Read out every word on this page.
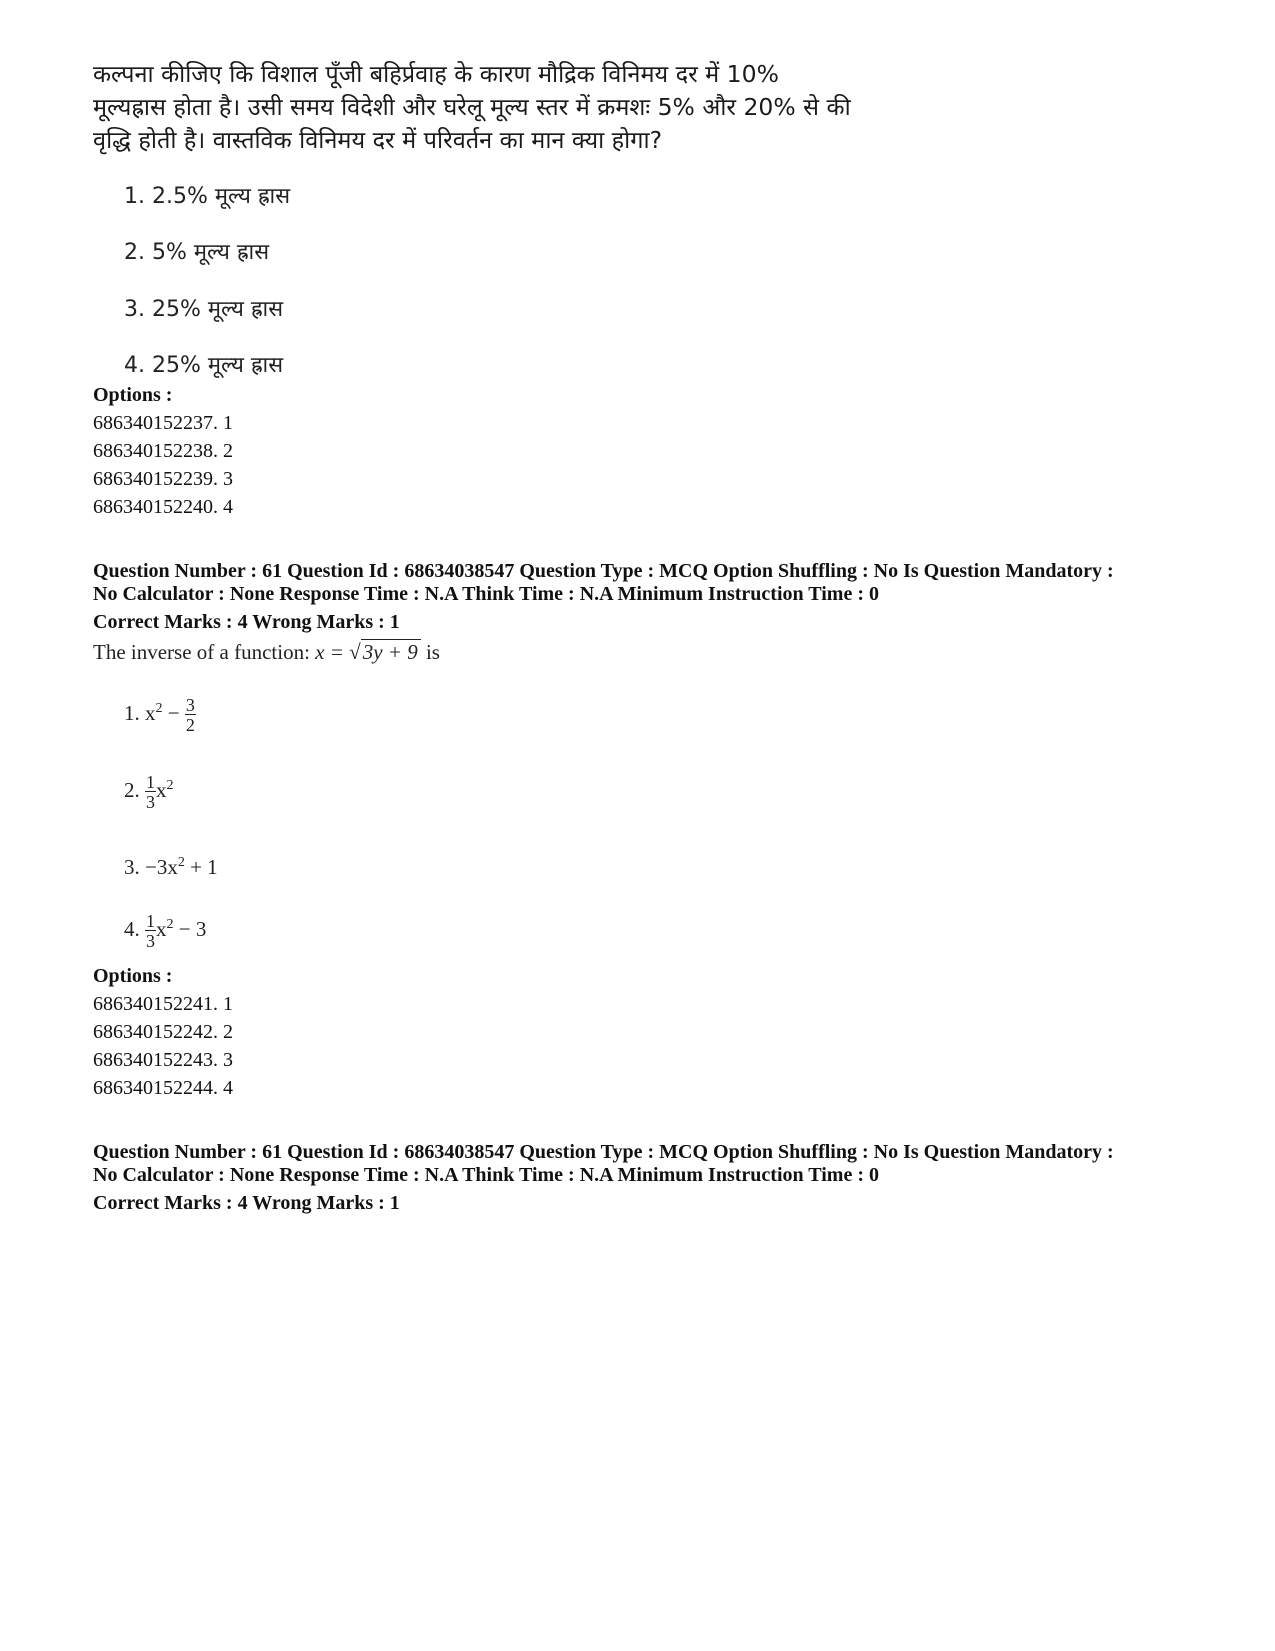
कल्पना कीजिए कि विशाल पूँजी बहिर्प्रवाह के कारण मौद्रिक विनिमय दर में 10%
मूल्यह्रास होता है। उसी समय विदेशी और घरेलू मूल्य स्तर में क्रमशः 5% और 20% से की
वृद्धि होती है। वास्तविक विनिमय दर में परिवर्तन का मान क्या होगा?
1. 2.5% मूल्य ह्रास
2. 5% मूल्य ह्रास
3. 25% मूल्य ह्रास
4. 25% मूल्य ह्रास
Options :
686340152237. 1
686340152238. 2
686340152239. 3
686340152240. 4
Question Number : 61 Question Id : 68634038547 Question Type : MCQ Option Shuffling : No Is Question Mandatory :
No Calculator : None Response Time : N.A Think Time : N.A Minimum Instruction Time : 0
Correct Marks : 4 Wrong Marks : 1
The inverse of a function: x = √3y + 9 is
1. $x^2 - \frac{3}{2}$
2. $\frac{1}{3} x^2$
3. $-3x^2 + 1$
4. $\frac{1}{3} x^2 - 3$
Options :
686340152241. 1
686340152242. 2
686340152243. 3
686340152244. 4
Question Number : 61 Question Id : 68634038547 Question Type : MCQ Option Shuffling : No Is Question Mandatory :
No Calculator : None Response Time : N.A Think Time : N.A Minimum Instruction Time : 0
Correct Marks : 4 Wrong Marks : 1
